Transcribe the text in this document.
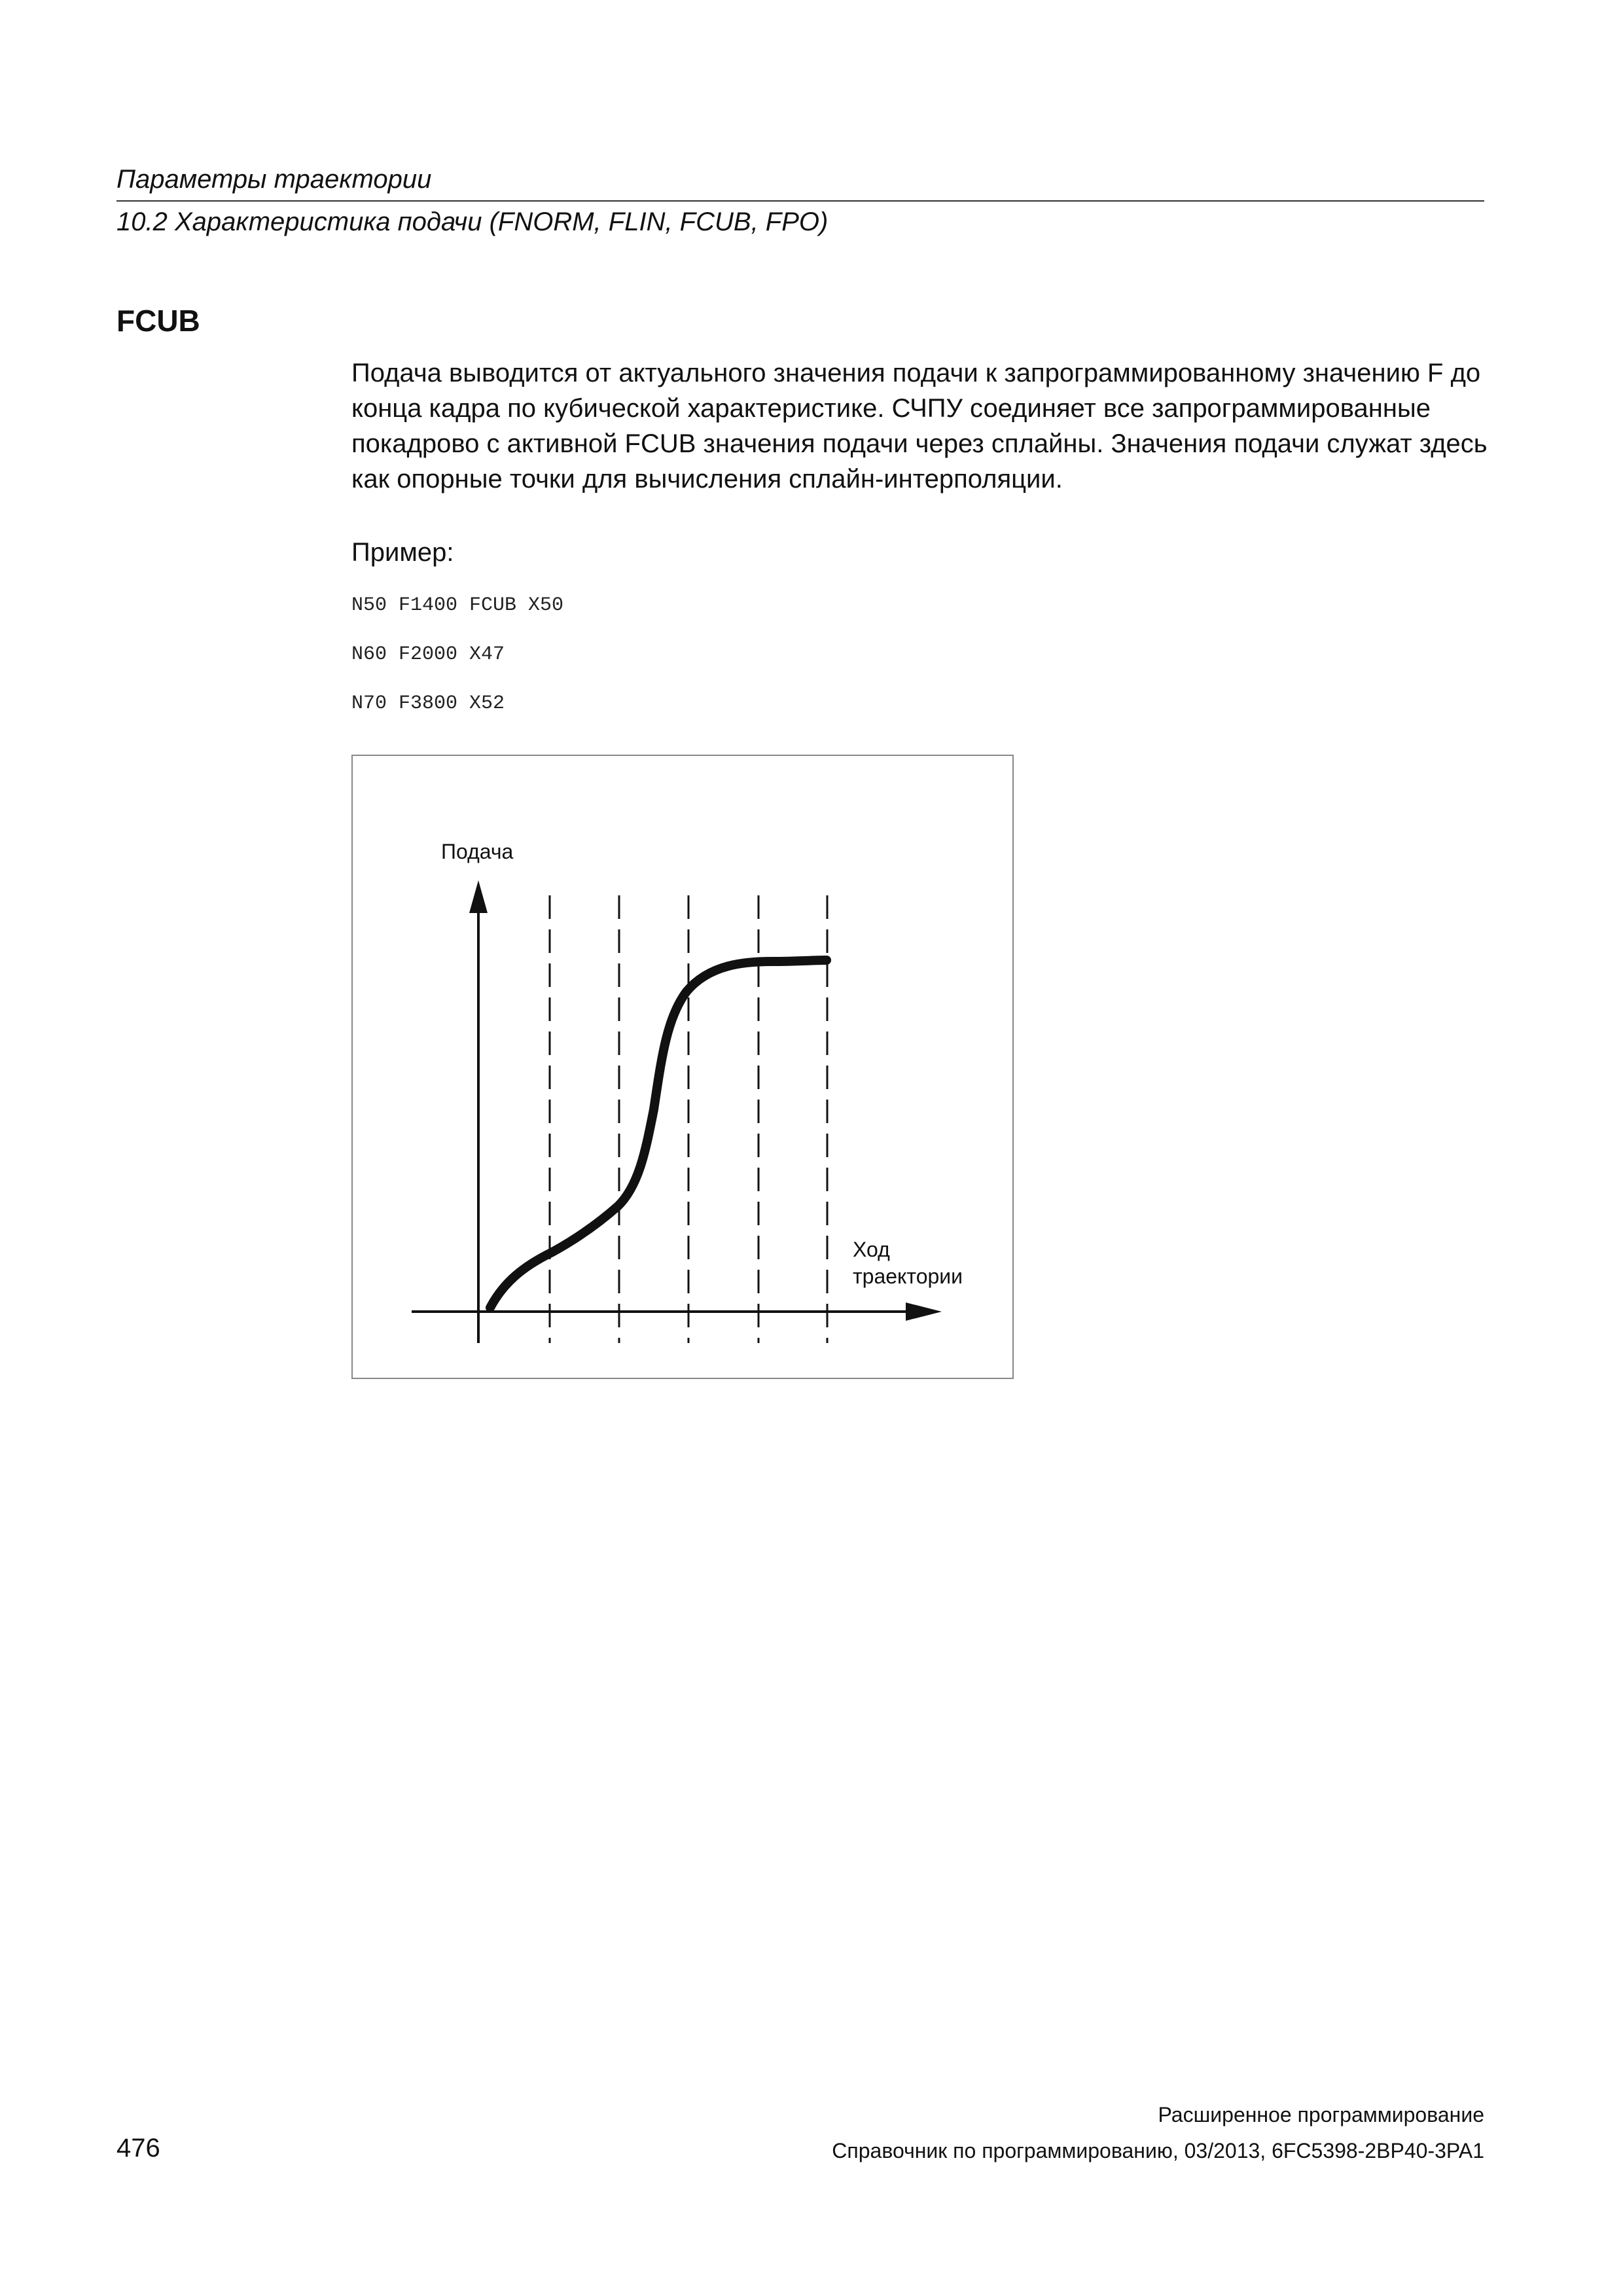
Параметры траектории
10.2 Характеристика подачи (FNORM, FLIN, FCUB, FPO)
FCUB
Подача выводится от актуального значения подачи к запрограммированному значению F до конца кадра по кубической характеристике. СЧПУ соединяет все запрограммированные покадрово с активной FCUB значения подачи через сплайны. Значения подачи служат здесь как опорные точки для вычисления сплайн-интерполяции.
Пример:
N50 F1400 FCUB X50
N60 F2000 X47
N70 F3800 X52
Подача
Ход
траектории
Расширенное программирование
476	Справочник по программированию, 03/2013, 6FC5398-2BP40-3PA1
